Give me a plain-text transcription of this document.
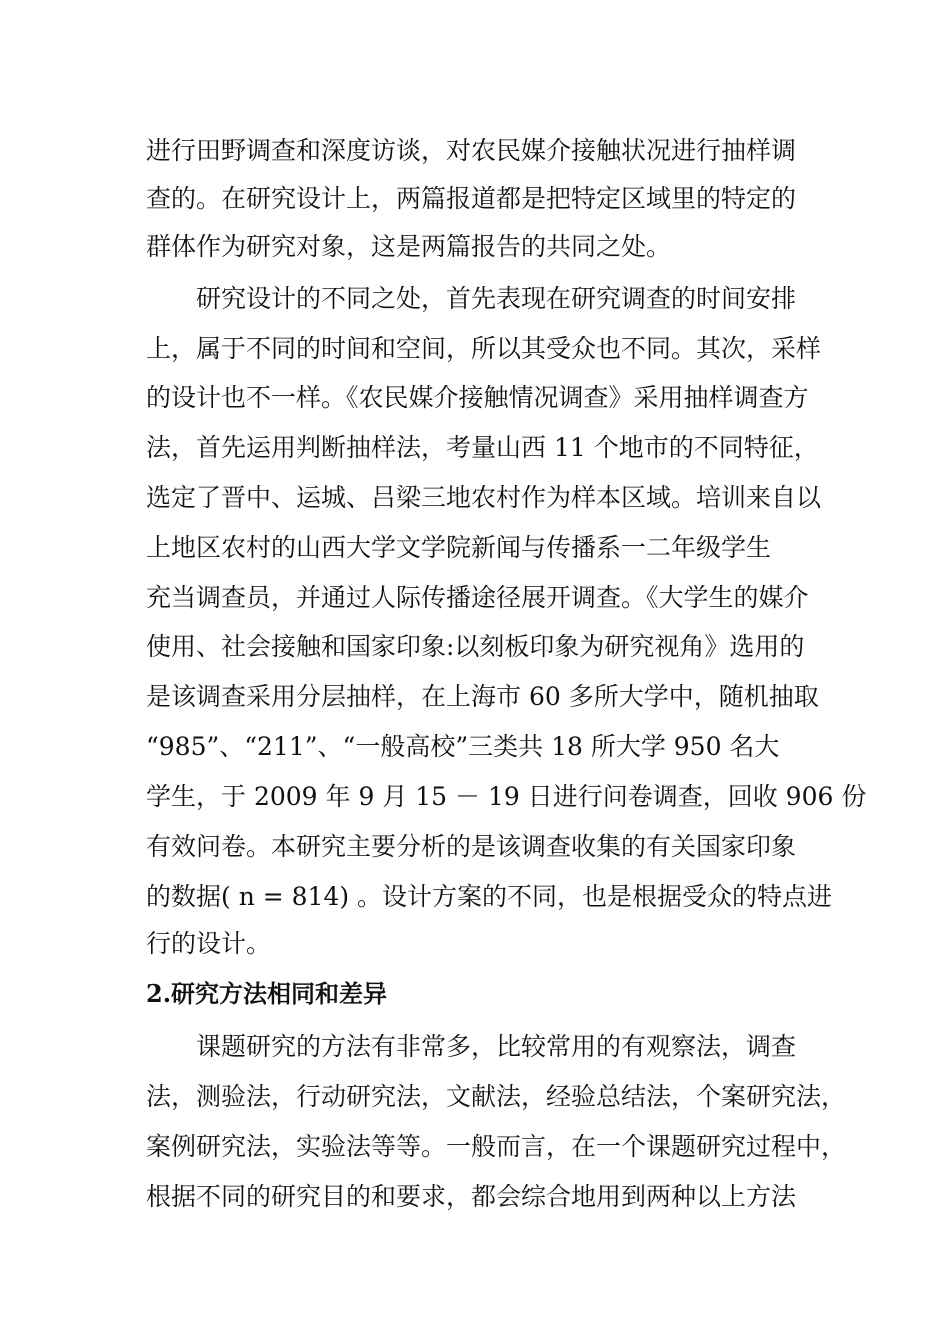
进行田野调查和深度访谈，对农民媒介接触状况进行抽样调
查的。在研究设计上，两篇报道都是把特定区域里的特定的
群体作为研究对象，这是两篇报告的共同之处。
研究设计的不同之处，首先表现在研究调查的时间安排
上，属于不同的时间和空间，所以其受众也不同。其次，采样
的设计也不一样。《农民媒介接触情况调查》采用抽样调查方
法，首先运用判断抽样法，考量山西 11 个地市的不同特征，
选定了晋中、运城、吕梁三地农村作为样本区域。培训来自以
上地区农村的山西大学文学院新闻与传播系一二年级学生
充当调查员，并通过人际传播途径展开调查。《大学生的媒介
使用、社会接触和国家印象:以刻板印象为研究视角》选用的
是该调查采用分层抽样，在上海市 60 多所大学中，随机抽取
“985”、“211”、“一般高校”三类共 18 所大学 950 名大
学生，于 2009 年 9 月 15 － 19 日进行问卷调查，回收 906 份
有效问卷。本研究主要分析的是该调查收集的有关国家印象
的数据( n = 814) 。设计方案的不同，也是根据受众的特点进
行的设计。
2.研究方法相同和差异
课题研究的方法有非常多，比较常用的有观察法，调查
法，测验法，行动研究法，文献法，经验总结法，个案研究法，
案例研究法，实验法等等。一般而言，在一个课题研究过程中，
根据不同的研究目的和要求，都会综合地用到两种以上方法
